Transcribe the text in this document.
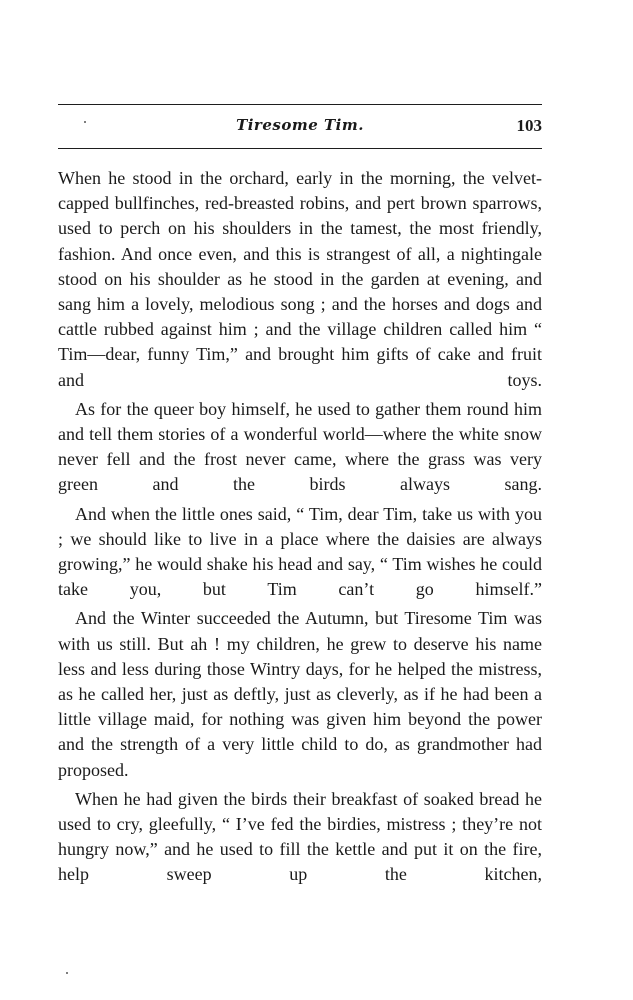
Tiresome Tim.	103

When he stood in the orchard, early in the morning, the velvet-capped bullfinches, red-breasted robins, and pert brown sparrows, used to perch on his shoulders in the tamest, the most friendly, fashion. And once even, and this is strangest of all, a nightingale stood on his shoulder as he stood in the garden at evening, and sang him a lovely, melodious song ; and the horses and dogs and cattle rubbed against him ; and the village children called him “ Tim—dear, funny Tim,” and brought him gifts of cake and fruit and toys.

As for the queer boy himself, he used to gather them round him and tell them stories of a wonderful world—where the white snow never fell and the frost never came, where the grass was very green and the birds always sang.

And when the little ones said, “ Tim, dear Tim, take us with you ; we should like to live in a place where the daisies are always growing,” he would shake his head and say, “ Tim wishes he could take you, but Tim can’t go himself.”

And the Winter succeeded the Autumn, but Tiresome Tim was with us still. But ah ! my children, he grew to deserve his name less and less during those Wintry days, for he helped the mistress, as he called her, just as deftly, just as cleverly, as if he had been a little village maid, for nothing was given him beyond the power and the strength of a very little child to do, as grandmother had proposed.

When he had given the birds their breakfast of soaked bread he used to cry, gleefully, “ I’ve fed the birdies, mistress ; they’re not hungry now,” and he used to fill the kettle and put it on the fire, help sweep up the kitchen,
